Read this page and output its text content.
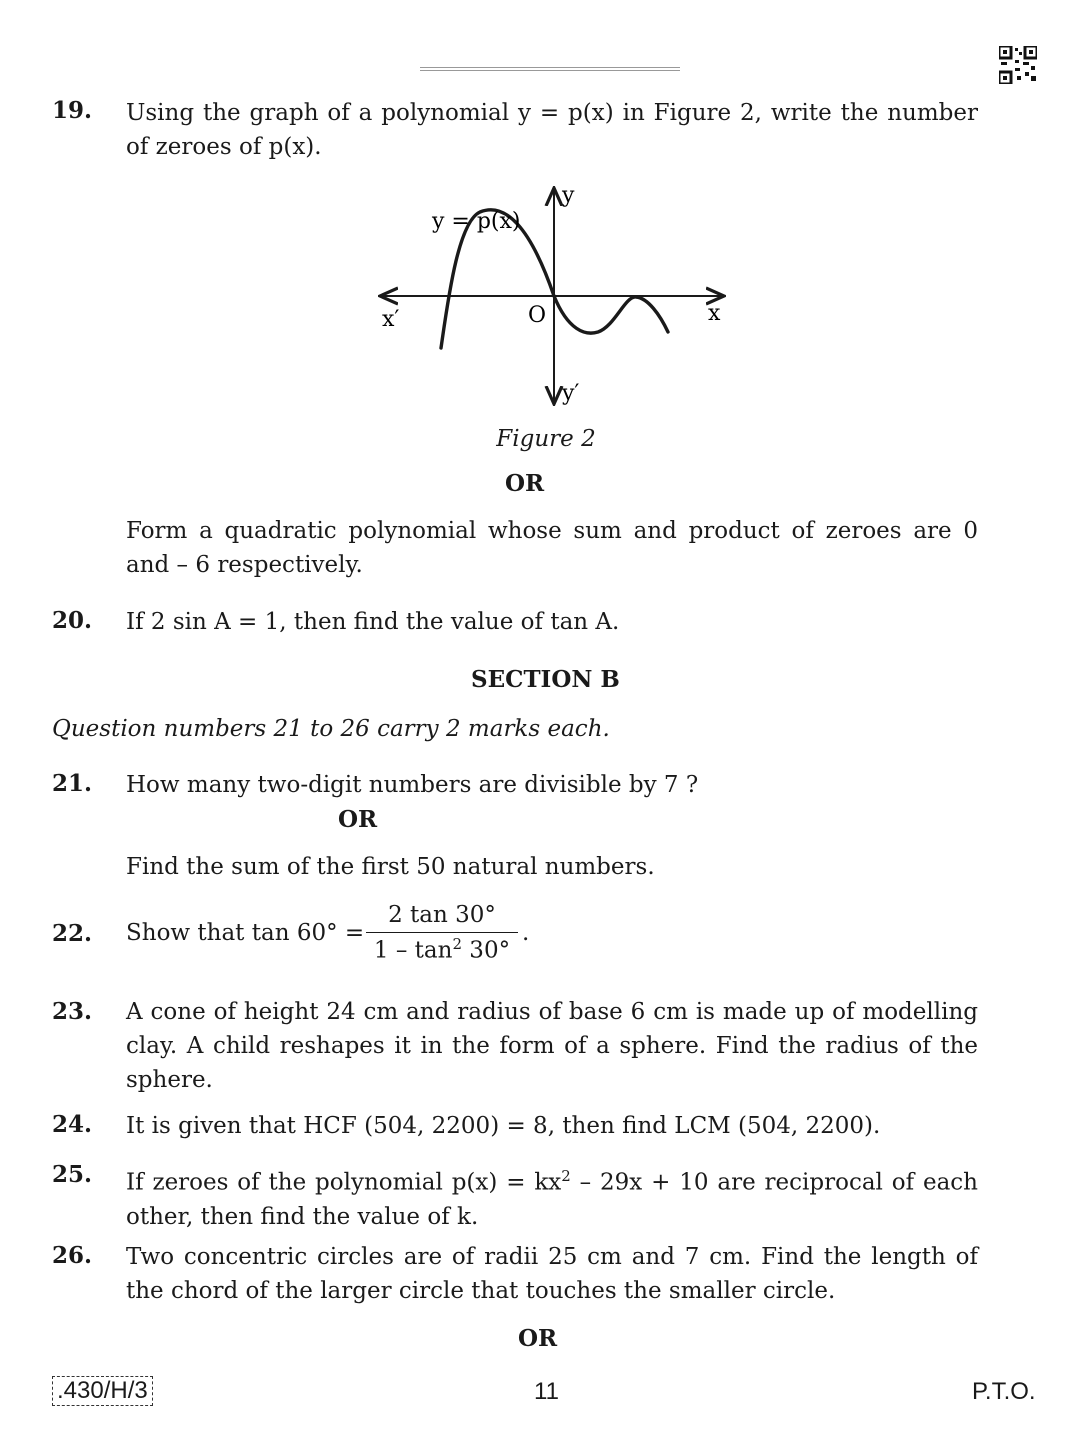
19. Using the graph of a polynomial y = p(x) in Figure 2, write the number of zeroes of p(x).
y = p(x)
y
y′
x
x′	O
Figure 2
OR
Form a quadratic polynomial whose sum and product of zeroes are 0 and – 6 respectively.
20. If 2 sin A = 1, then find the value of tan A.
SECTION B
Question numbers 21 to 26 carry 2 marks each.
21. How many two-digit numbers are divisible by 7 ?
OR
Find the sum of the first 50 natural numbers.
22. Show that $\tan 60^\circ = \frac{2 \tan 30^\circ}{1 - \tan^2 30^\circ}$ .
23. A cone of height 24 cm and radius of base 6 cm is made up of modelling clay. A child reshapes it in the form of a sphere. Find the radius of the sphere.
24. It is given that HCF (504, 2200) = 8, then find LCM (504, 2200).
25. If zeroes of the polynomial $p(x) = kx^2 - 29x + 10$ are reciprocal of each other, then find the value of k.
26. Two concentric circles are of radii 25 cm and 7 cm. Find the length of the chord of the larger circle that touches the smaller circle.
OR
.430/H/3	11	P.T.O.
